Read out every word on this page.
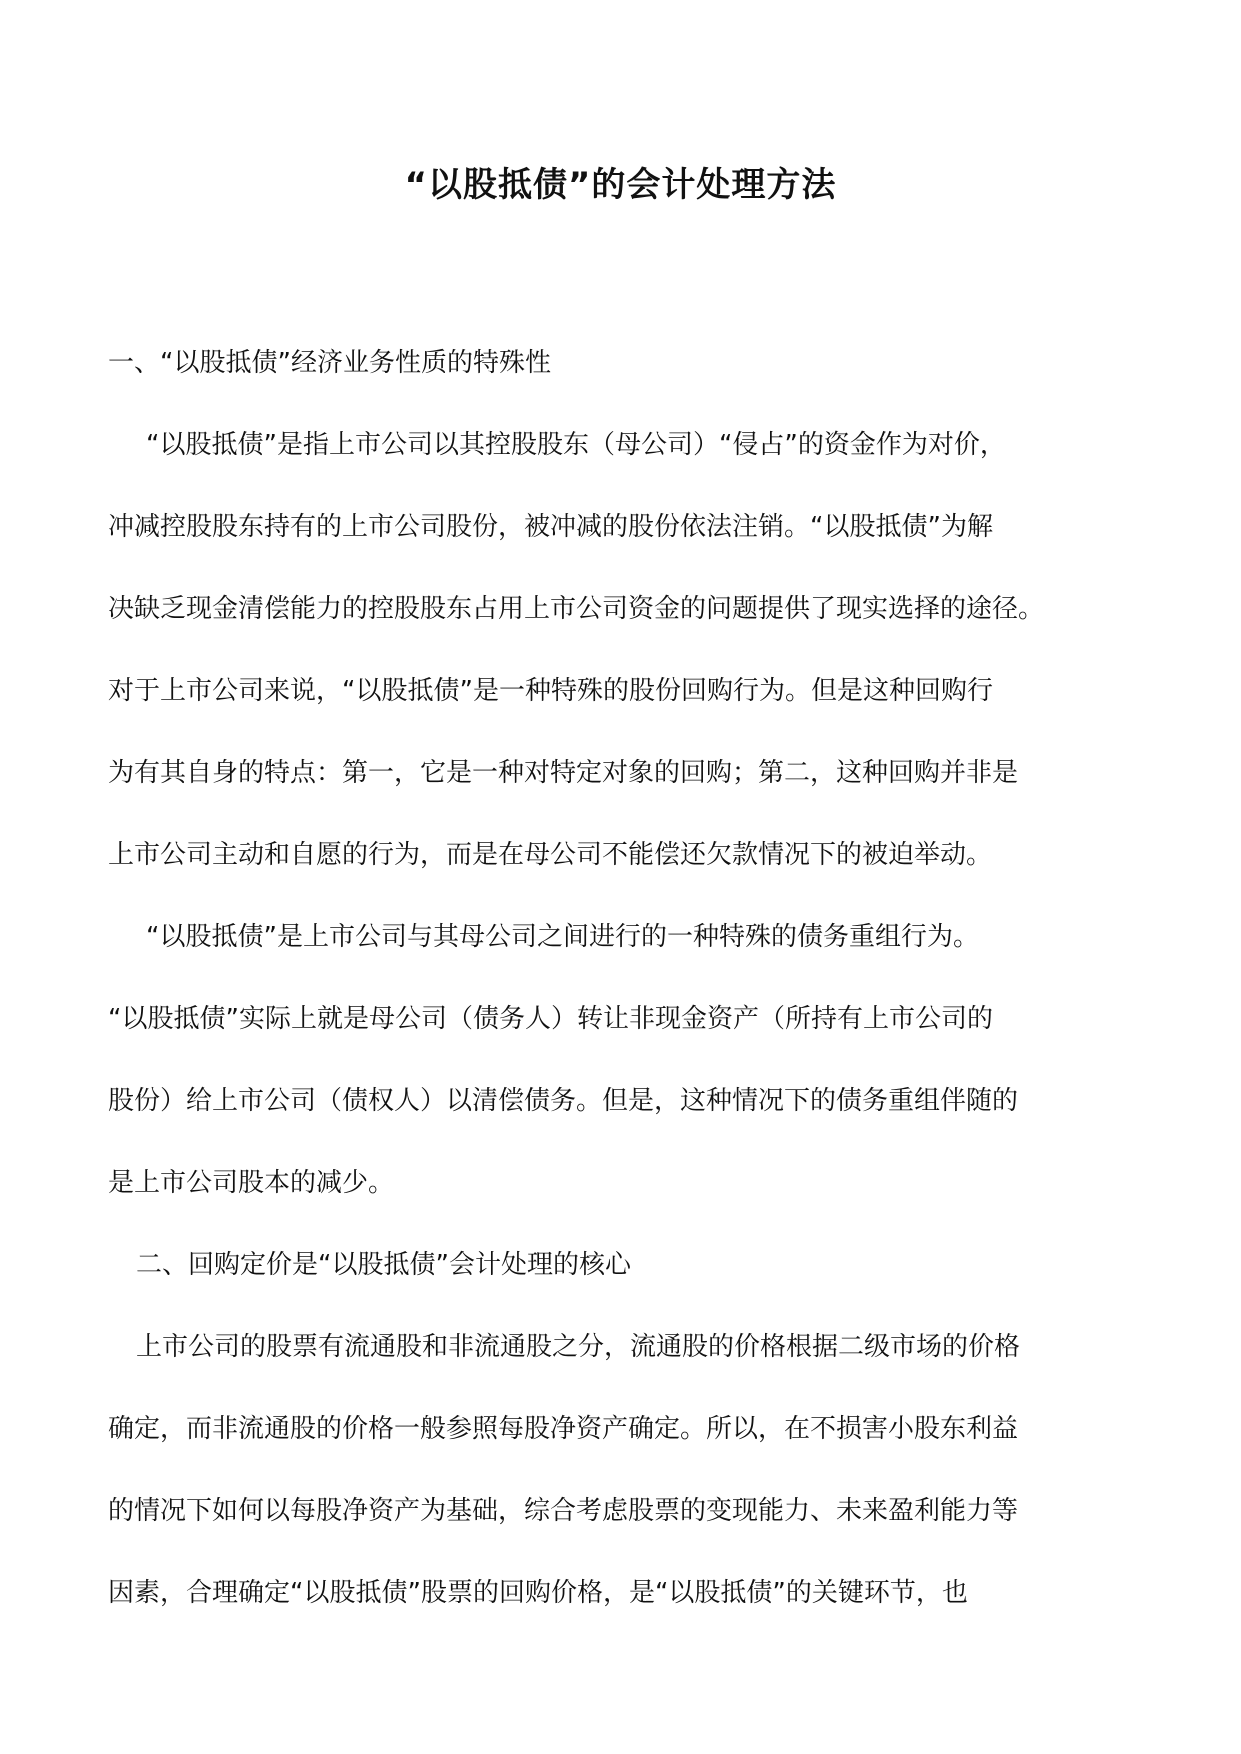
“以股抵债”的会计处理方法

一、“以股抵债”经济业务性质的特殊性

“以股抵债”是指上市公司以其控股股东（母公司）“侵占”的资金作为对价，

冲减控股股东持有的上市公司股份，被冲减的股份依法注销。“以股抵债”为解

决缺乏现金清偿能力的控股股东占用上市公司资金的问题提供了现实选择的途径。

对于上市公司来说，“以股抵债”是一种特殊的股份回购行为。但是这种回购行

为有其自身的特点：第一，它是一种对特定对象的回购；第二，这种回购并非是

上市公司主动和自愿的行为，而是在母公司不能偿还欠款情况下的被迫举动。

“以股抵债”是上市公司与其母公司之间进行的一种特殊的债务重组行为。

“以股抵债”实际上就是母公司（债务人）转让非现金资产（所持有上市公司的

股份）给上市公司（债权人）以清偿债务。但是，这种情况下的债务重组伴随的

是上市公司股本的减少。

二、回购定价是“以股抵债”会计处理的核心

上市公司的股票有流通股和非流通股之分，流通股的价格根据二级市场的价格

确定，而非流通股的价格一般参照每股净资产确定。所以，在不损害小股东利益

的情况下如何以每股净资产为基础，综合考虑股票的变现能力、未来盈利能力等

因素，合理确定“以股抵债”股票的回购价格，是“以股抵债”的关键环节，也
